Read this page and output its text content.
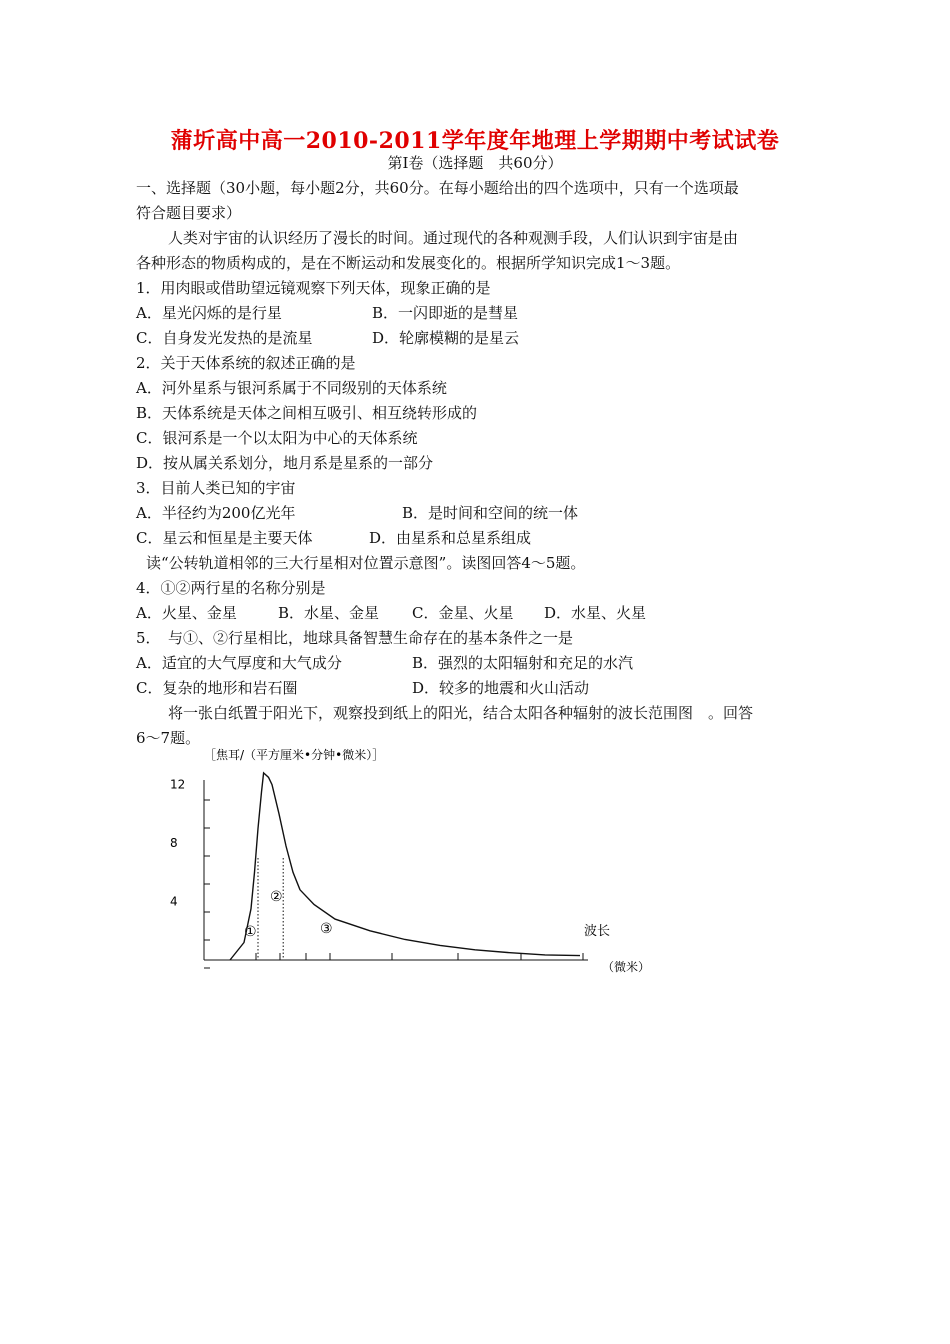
蒲圻高中高一2010-2011学年度年地理上学期期中考试试卷
第Ⅰ卷（选择题　共60分）
一、选择题（30小题，每小题2分，共60分。在每小题给出的四个选项中，只有一个选项最
符合题目要求）
人类对宇宙的认识经历了漫长的时间。通过现代的各种观测手段，人们认识到宇宙是由
各种形态的物质构成的，是在不断运动和发展变化的。根据所学知识完成1～3题。
1．用肉眼或借助望远镜观察下列天体，现象正确的是
A．星光闪烁的是行星	B．一闪即逝的是彗星
C．自身发光发热的是流星	D．轮廓模糊的是星云
2．关于天体系统的叙述正确的是
A．河外星系与银河系属于不同级别的天体系统
B．天体系统是天体之间相互吸引、相互绕转形成的
C．银河系是一个以太阳为中心的天体系统
D．按从属关系划分，地月系是星系的一部分
3．目前人类已知的宇宙
A．半径约为200亿光年	B．是时间和空间的统一体
C．星云和恒星是主要天体	D．由星系和总星系组成
读“公转轨道相邻的三大行星相对位置示意图”。读图回答4～5题。
4．①②两行星的名称分别是
A．火星、金星	B．水星、金星 C．金星、火星 D．水星、火星
5．　与①、②行星相比，地球具备智慧生命存在的基本条件之一是
A．适宜的大气厚度和大气成分	B．强烈的太阳辐射和充足的水汽
C．复杂的地形和岩石圈	D．较多的地震和火山活动
将一张白纸置于阳光下，观察投到纸上的阳光，结合太阳各种辐射的波长范围图　。回答
6～7题。
［焦耳/（平方厘米•分钟•微米）］
12
8
4
①
②
③	波长
（微米）
